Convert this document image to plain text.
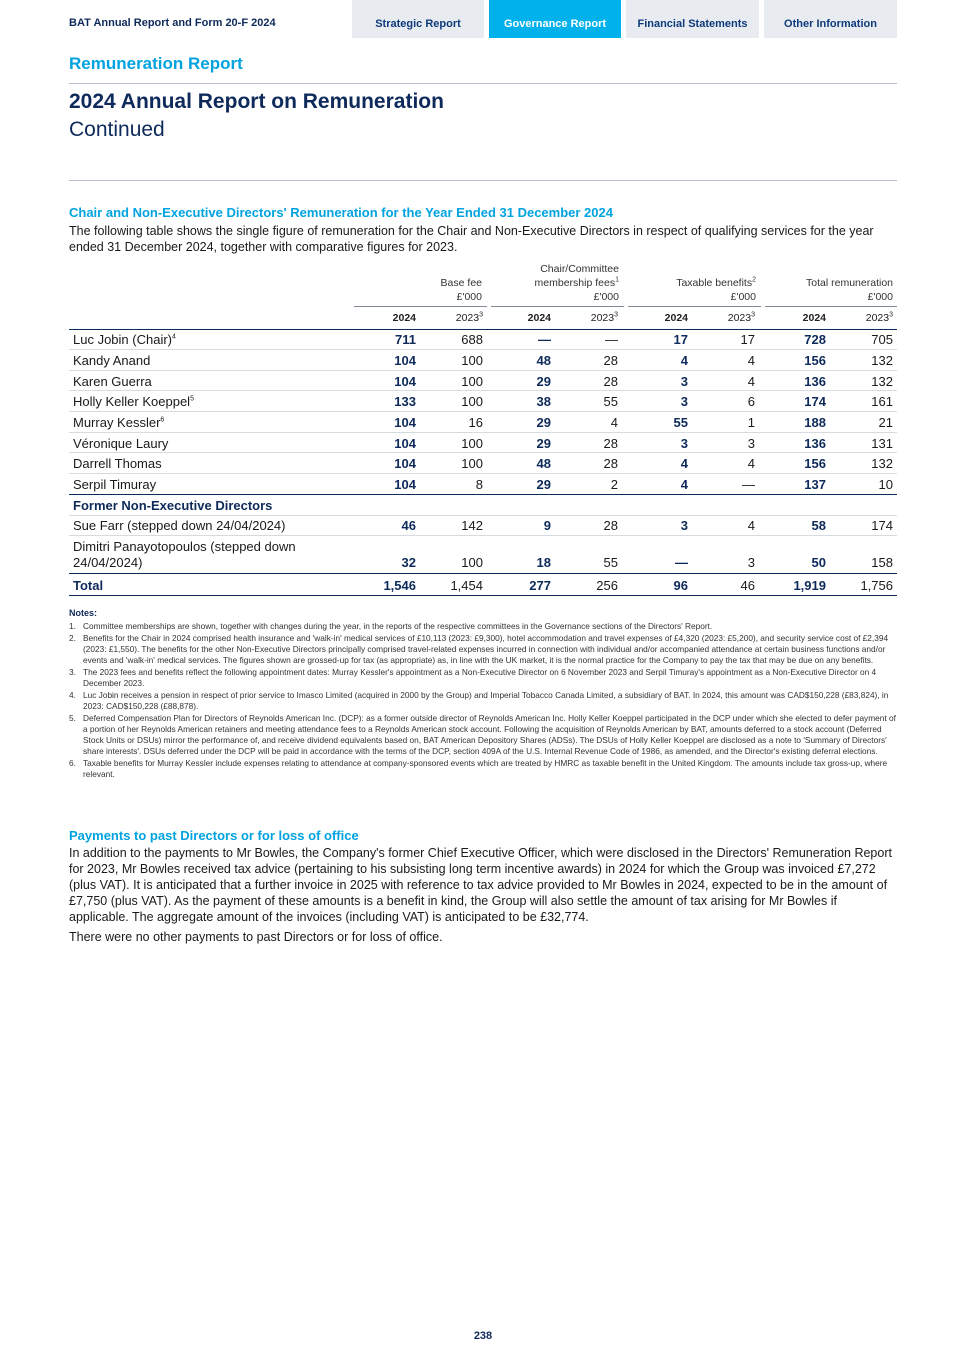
BAT Annual Report and Form 20-F 2024	Strategic Report	Governance Report	Financial Statements	Other Information
Remuneration Report
2024 Annual Report on Remuneration
Continued
Chair and Non-Executive Directors' Remuneration for the Year Ended 31 December 2024
The following table shows the single figure of remuneration for the Chair and Non-Executive Directors in respect of qualifying services for the year ended 31 December 2024, together with comparative figures for 2023.

Base fee
£'000
Chair/Committee
membership fees$^1$
£'000

Taxable benefits$^2$
£'000

Total remuneration
£'000
2024	2023$^3$	2024	2023$^3$	2024	2023$^3$	2024	2023$^3$
Luc Jobin (Chair)$^4$	711	688	—	—	17	17	728	705
Kandy Anand	104	100	48	28	4	4	156	132
Karen Guerra	104	100	29	28	3	4	136	132
Holly Keller Koeppel$^5$	133	100	38	55	3	6	174	161
Murray Kessler$^6$	104	16	29	4	55	1	188	21
Véronique Laury	104	100	29	28	3	3	136	131
Darrell Thomas	104	100	48	28	4	4	156	132
Serpil Timuray	104	8	29	2	4	—	137	10
Former Non-Executive Directors
Sue Farr (stepped down 24/04/2024)	46	142	9	28	3	4	58	174
Dimitri Panayotopoulos (stepped down
24/04/2024)	32	100	18	55	—	3	50	158
Total	1,546	1,454	277	256	96	46	1,919	1,756
Notes:
1. Committee memberships are shown, together with changes during the year, in the reports of the respective committees in the Governance sections of the Directors' Report.
2. Benefits for the Chair in 2024 comprised health insurance and 'walk-in' medical services of £10,113 (2023: £9,300), hotel accommodation and travel expenses of £4,320 (2023: £5,200), and security service cost of £2,394 (2023: £1,550). The benefits for the other Non-Executive Directors principally comprised travel-related expenses incurred in connection with individual and/or accompanied attendance at certain business functions and/or events and 'walk-in' medical services. The figures shown are grossed-up for tax (as appropriate) as, in line with the UK market, it is the normal practice for the Company to pay the tax that may be due on any benefits.
3. The 2023 fees and benefits reflect the following appointment dates: Murray Kessler's appointment as a Non-Executive Director on 6 November 2023 and Serpil Timuray's appointment as a Non-Executive Director on 4 December 2023.
4. Luc Jobin receives a pension in respect of prior service to Imasco Limited (acquired in 2000 by the Group) and Imperial Tobacco Canada Limited, a subsidiary of BAT. In 2024, this amount was CAD$150,228 (£83,824), in 2023: CAD$150,228 (£88,878).
5. Deferred Compensation Plan for Directors of Reynolds American Inc. (DCP): as a former outside director of Reynolds American Inc. Holly Keller Koeppel participated in the DCP under which she elected to defer payment of a portion of her Reynolds American retainers and meeting attendance fees to a Reynolds American stock account. Following the acquisition of Reynolds American by BAT, amounts deferred to a stock account (Deferred Stock Units or DSUs) mirror the performance of, and receive dividend equivalents based on, BAT American Depository Shares (ADSs). The DSUs of Holly Keller Koeppel are disclosed as a note to 'Summary of Directors' share interests'. DSUs deferred under the DCP will be paid in accordance with the terms of the DCP, section 409A of the U.S. Internal Revenue Code of 1986, as amended, and the Director's existing deferral elections.
6. Taxable benefits for Murray Kessler include expenses relating to attendance at company-sponsored events which are treated by HMRC as taxable benefit in the United Kingdom. The amounts include tax gross-up, where relevant.
Payments to past Directors or for loss of office

In addition to the payments to Mr Bowles, the Company's former Chief Executive Officer, which were disclosed in the Directors' Remuneration Report for 2023, Mr Bowles received tax advice (pertaining to his subsisting long term incentive awards) in 2024 for which the Group was invoiced £7,272 (plus VAT). It is anticipated that a further invoice in 2025 with reference to tax advice provided to Mr Bowles in 2024, expected to be in the amount of £7,750 (plus VAT). As the payment of these amounts is a benefit in kind, the Group will also settle the amount of tax arising for Mr Bowles if applicable. The aggregate amount of the invoices (including VAT) is anticipated to be £32,774.

There were no other payments to past Directors or for loss of office.

238
